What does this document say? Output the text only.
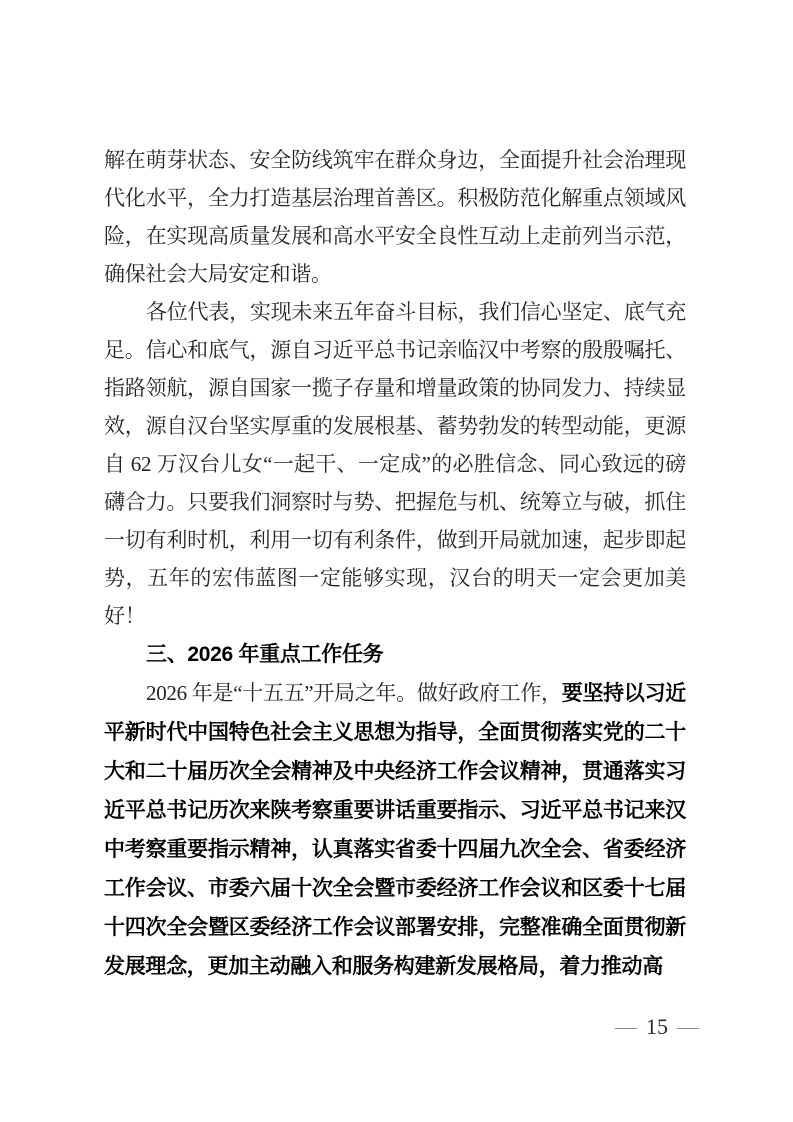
解在萌芽状态、安全防线筑牢在群众身边，全面提升社会治理现代化水平，全力打造基层治理首善区。积极防范化解重点领域风险，在实现高质量发展和高水平安全良性互动上走前列当示范，确保社会大局安定和谐。

各位代表，实现未来五年奋斗目标，我们信心坚定、底气充足。信心和底气，源自习近平总书记亲临汉中考察的殷殷嘱托、指路领航，源自国家一揽子存量和增量政策的协同发力、持续显效，源自汉台坚实厚重的发展根基、蓄势勃发的转型动能，更源自 62 万汉台儿女“一起干、一定成”的必胜信念、同心致远的磅礴合力。只要我们洞察时与势、把握危与机、统筹立与破，抓住一切有利时机，利用一切有利条件，做到开局就加速，起步即起势，五年的宏伟蓝图一定能够实现，汉台的明天一定会更加美好！

三、2026 年重点工作任务

2026 年是“十五五”开局之年。做好政府工作，要坚持以习近平新时代中国特色社会主义思想为指导，全面贯彻落实党的二十大和二十届历次全会精神及中央经济工作会议精神，贯通落实习近平总书记历次来陕考察重要讲话重要指示、习近平总书记来汉中考察重要指示精神，认真落实省委十四届九次全会、省委经济工作会议、市委六届十次全会暨市委经济工作会议和区委十七届十四次全会暨区委经济工作会议部署安排，完整准确全面贯彻新发展理念，更加主动融入和服务构建新发展格局，着力推动高

— 15 —
